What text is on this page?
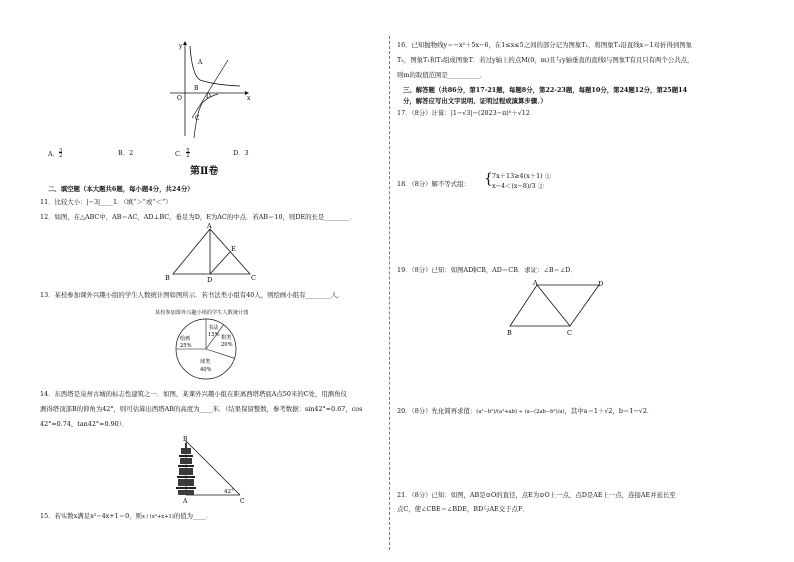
y
x
O
A
B
D
C
A．3
2	B．2	C．5
2	D．3
第Ⅱ卷
二、填空题（本大题共6题，每小题4分，共24分）
11．比较大小：|−3|____1．（填“＞”或“＜”）
12．如图，在△ABC中，AB＝AC，AD⊥BC，垂足为D，E为AC的中点．若AB＝10，则DE的长是________．
A
B	D	C
E
13．某校参加课外兴趣小组的学生人数统计图如图所示．若书法类小组有40人，则绘画小组有________人．
某校参加课外兴趣小组的学生人数统计图
书法
15% 棋类
20%
绘画
25%
球类
40%
14．东西塔是泉州古城的标志性建筑之一．如图，某课外兴趣小组在距离西塔塔底A点50米的C处，用测角仪
测得塔顶部B的仰角为42°，则可估算出西塔AB的高度为____米．（结果保留整数，参考数据：sin42°≈0.67，cos
42°≈0.74，tan42°≈0.90）．
B
A	C
42°
15．若实数x满足x²−4x+1＝0，则x / (x²+x+1)的值为____．
16．已知抛物线y＝−x²＋5x−6，在1≤x≤5之间的部分记为图象T₁，将图象T₁沿直线x＝1对折得到图象
T₂，图象T₁和T₂组成图象T．若过y轴上的点M(0，m)且与y轴垂直的直线l与图象T有且只有两个公共点，
则m的取值范围是__________．
三、解答题（共86分，第17-21题，每题8分，第22-23题，每题10分，第24题12分，第25题14
分，解答应写出文字说明、证明过程或演算步骤．）
17．（8分）计算：|1−√3|−(2023−π)⁰＋√12
18．（8分）解不等式组： { 7x＋13≥4(x＋1) ①
x−4＜(x−8)/3 ②
19．（8分）已知：如图AD∥CB，AD＝CB．求证：∠B＝∠D．
A	D
B	C
20．（8分）先化简再求值：(a²−b²)/(a²+ab) ÷ (a−(2ab−b²)/a)，其中a＝1＋√2，b＝1−√2．
21．（8分）已知：如图，AB是⊙O的直径，点E为⊙O上一点，点D是AE上一点，连接AE并延长至
点C，使∠CBE＝∠BDE，BD与AE交于点F．
